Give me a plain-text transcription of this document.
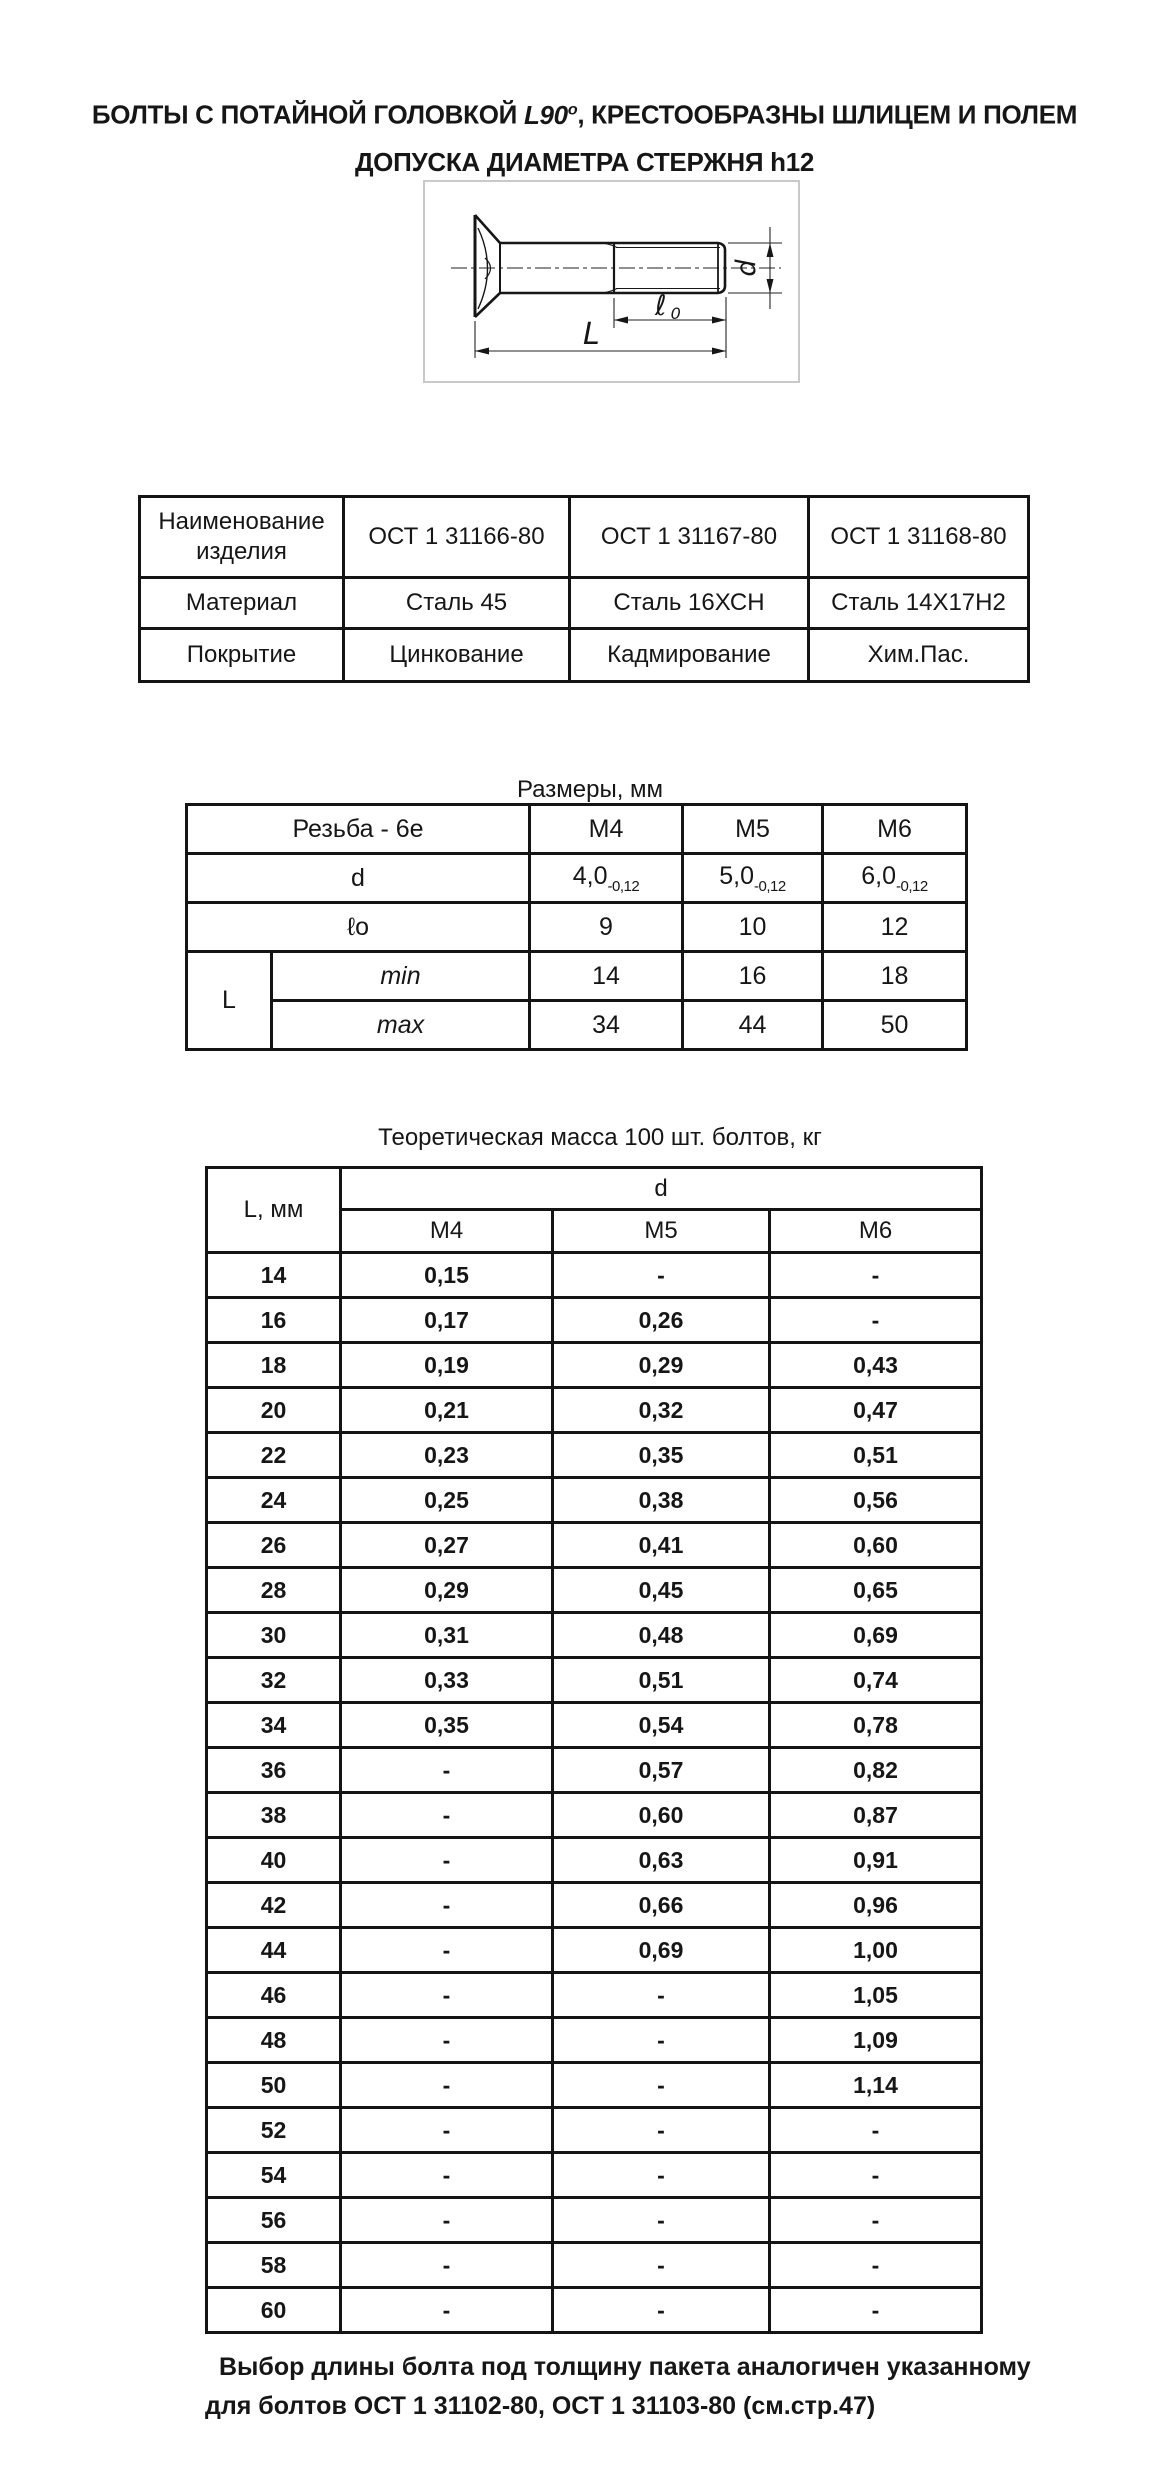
БОЛТЫ С ПОТАЙНОЙ ГОЛОВКОЙ L90$^o$, КРЕСТООБРАЗНЫ ШЛИЦЕМ И ПОЛЕМ
ДОПУСКА ДИАМЕТРА СТЕРЖНЯ h12
d
ℓ 0
L
Наименование изделия	ОСТ 1 31166-80	ОСТ 1 31167-80	ОСТ 1 31168-80
Материал	Сталь 45	Сталь 16ХСН	Сталь 14Х17Н2
Покрытие	Цинкование	Кадмирование	Хим.Пас.
Размеры, мм
Резьба - 6е		М4	М5	М6
d		$4,0_{-0,12}$	$5,0_{-0,12}$	$6,0_{-0,12}$
ℓo		9	10	12
L	min	14	16	18
	max	34	44	50
Теоретическая масса 100 шт. болтов, кг
L, мм	d		
	М4	М5	М6
14	0,15	-	-
16	0,17	0,26	-
18	0,19	0,29	0,43
20	0,21	0,32	0,47
22	0,23	0,35	0,51
24	0,25	0,38	0,56
26	0,27	0,41	0,60
28	0,29	0,45	0,65
30	0,31	0,48	0,69
32	0,33	0,51	0,74
34	0,35	0,54	0,78
36	-	0,57	0,82
38	-	0,60	0,87
40	-	0,63	0,91
42	-	0,66	0,96
44	-	0,69	1,00
46	-	-	1,05
48	-	-	1,09
50	-	-	1,14
52	-	-	-
54	-	-	-
56	-	-	-
58	-	-	-
60	-	-	-
Выбор длины болта под толщину пакета аналогичен указанному
для болтов ОСТ 1 31102-80, ОСТ 1 31103-80 (см.стр.47)
